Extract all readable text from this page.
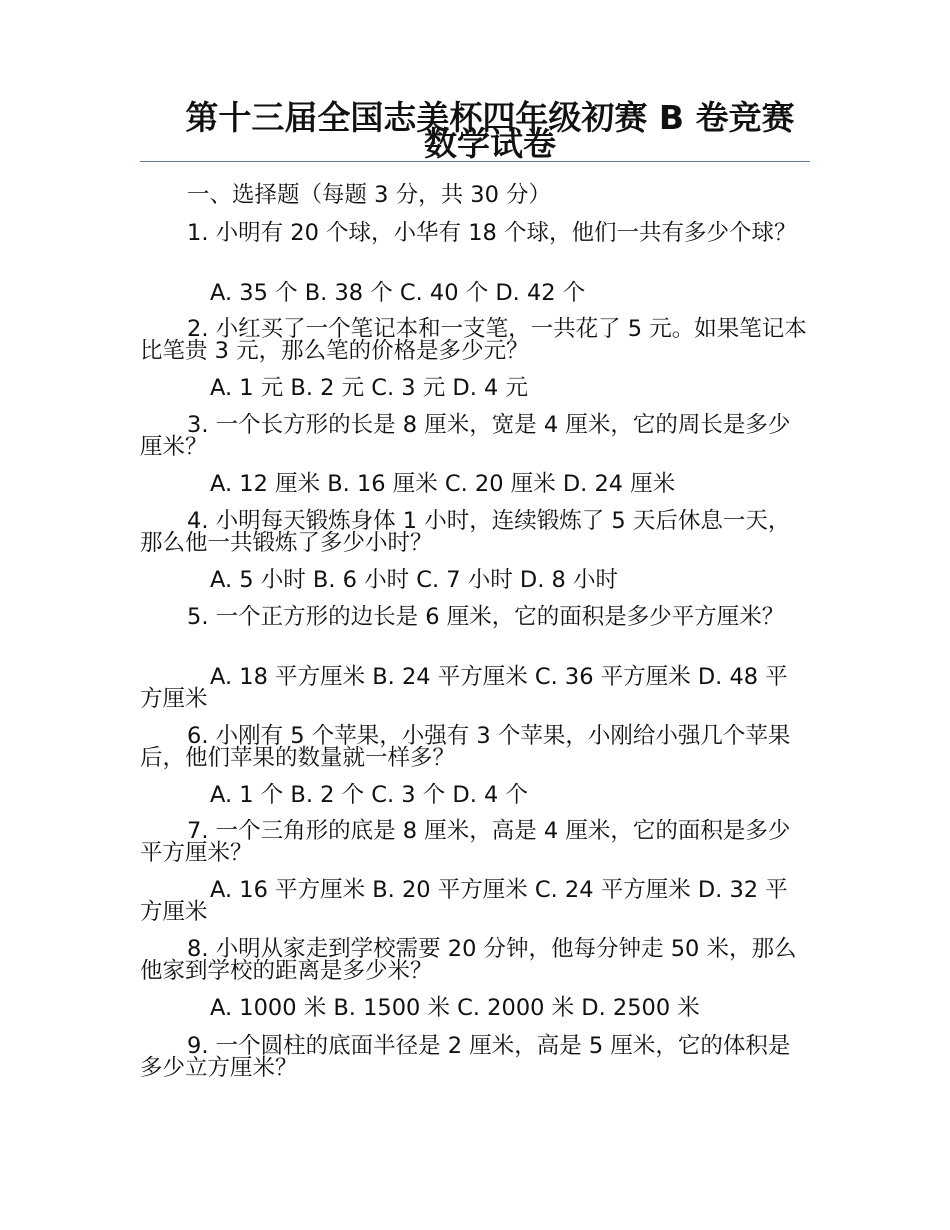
第十三届全国志美杯四年级初赛 B 卷竞赛数学试卷
一、选择题（每题 3 分，共 30 分）
1. 小明有 20 个球，小华有 18 个球，他们一共有多少个球？
A. 35 个 B. 38 个 C. 40 个 D. 42 个
2. 小红买了一个笔记本和一支笔，一共花了 5 元。如果笔记本比笔贵 3 元，那么笔的价格是多少元？
A. 1 元 B. 2 元 C. 3 元 D. 4 元
3. 一个长方形的长是 8 厘米，宽是 4 厘米，它的周长是多少厘米？
A. 12 厘米 B. 16 厘米 C. 20 厘米 D. 24 厘米
4. 小明每天锻炼身体 1 小时，连续锻炼了 5 天后休息一天，那么他一共锻炼了多少小时？
A. 5 小时 B. 6 小时 C. 7 小时 D. 8 小时
5. 一个正方形的边长是 6 厘米，它的面积是多少平方厘米？
A. 18 平方厘米 B. 24 平方厘米 C. 36 平方厘米 D. 48 平方厘米
6. 小刚有 5 个苹果，小强有 3 个苹果，小刚给小强几个苹果后，他们苹果的数量就一样多？
A. 1 个 B. 2 个 C. 3 个 D. 4 个
7. 一个三角形的底是 8 厘米，高是 4 厘米，它的面积是多少平方厘米？
A. 16 平方厘米 B. 20 平方厘米 C. 24 平方厘米 D. 32 平方厘米
8. 小明从家走到学校需要 20 分钟，他每分钟走 50 米，那么他家到学校的距离是多少米？
A. 1000 米 B. 1500 米 C. 2000 米 D. 2500 米
9. 一个圆柱的底面半径是 2 厘米，高是 5 厘米，它的体积是多少立方厘米？
